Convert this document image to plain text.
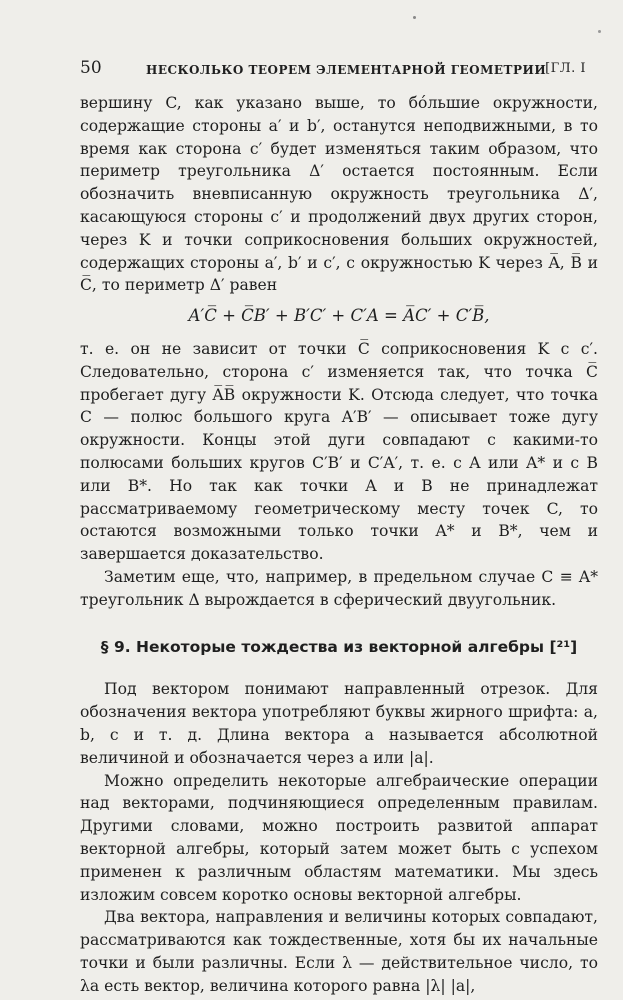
50	НЕСКОЛЬКО ТЕОРЕМ ЭЛЕМЕНТАРНОЙ ГЕОМЕТРИИ
[ГЛ. I

вершину C, как указано выше, то бо́льшие окружности, содержащие стороны a′ и b′, останутся неподвижными, в то время как сторона c′ будет изменяться таким образом, что периметр треугольника Δ′ остается постоянным. Если обозначить вневписанную окружность треугольника Δ′, касающуюся стороны c′ и продолжений двух других сторон, через K и точки соприкосновения больших окружностей, содержащих стороны a′, b′ и c′, с окружностью K через A̅, B̅ и C̅, то периметр Δ′ равен

A′C̅ + C̅B′ + B′C′ + C′A = A̅C′ + C′B̅,

т. е. он не зависит от точки C̅ соприкосновения K с c′. Следовательно, сторона c′ изменяется так, что точка C̅ пробегает дугу A̅B̅ окружности K. Отсюда следует, что точка C — полюс большого круга A′B′ — описывает тоже дугу окружности. Концы этой дуги совпадают с какими-то полюсами больших кругов C′B′ и C′A′, т. е. с A или A* и с B или B*. Но так как точки A и B не принадлежат рассматриваемому геометрическому месту точек C, то остаются возможными только точки A* и B*, чем и завершается доказательство.

Заметим еще, что, например, в предельном случае C ≡ A* треугольник Δ вырождается в сферический двуугольник.

§ 9. Некоторые тождества из векторной алгебры [²¹]

Под вектором понимают направленный отрезок. Для обозначения вектора употребляют буквы жирного шрифта: a, b, c и т. д. Длина вектора a называется абсолютной величиной и обозначается через a или |a|.

Можно определить некоторые алгебраические операции над векторами, подчиняющиеся определенным правилам. Другими словами, можно построить развитой аппарат векторной алгебры, который затем может быть с успехом применен к различным областям математики. Мы здесь изложим совсем коротко основы векторной алгебры.

Два вектора, направления и величины которых совпадают, рассматриваются как тождественные, хотя бы их начальные точки и были различны. Если λ — действительное число, то λa есть вектор, величина которого равна |λ| |a|,
